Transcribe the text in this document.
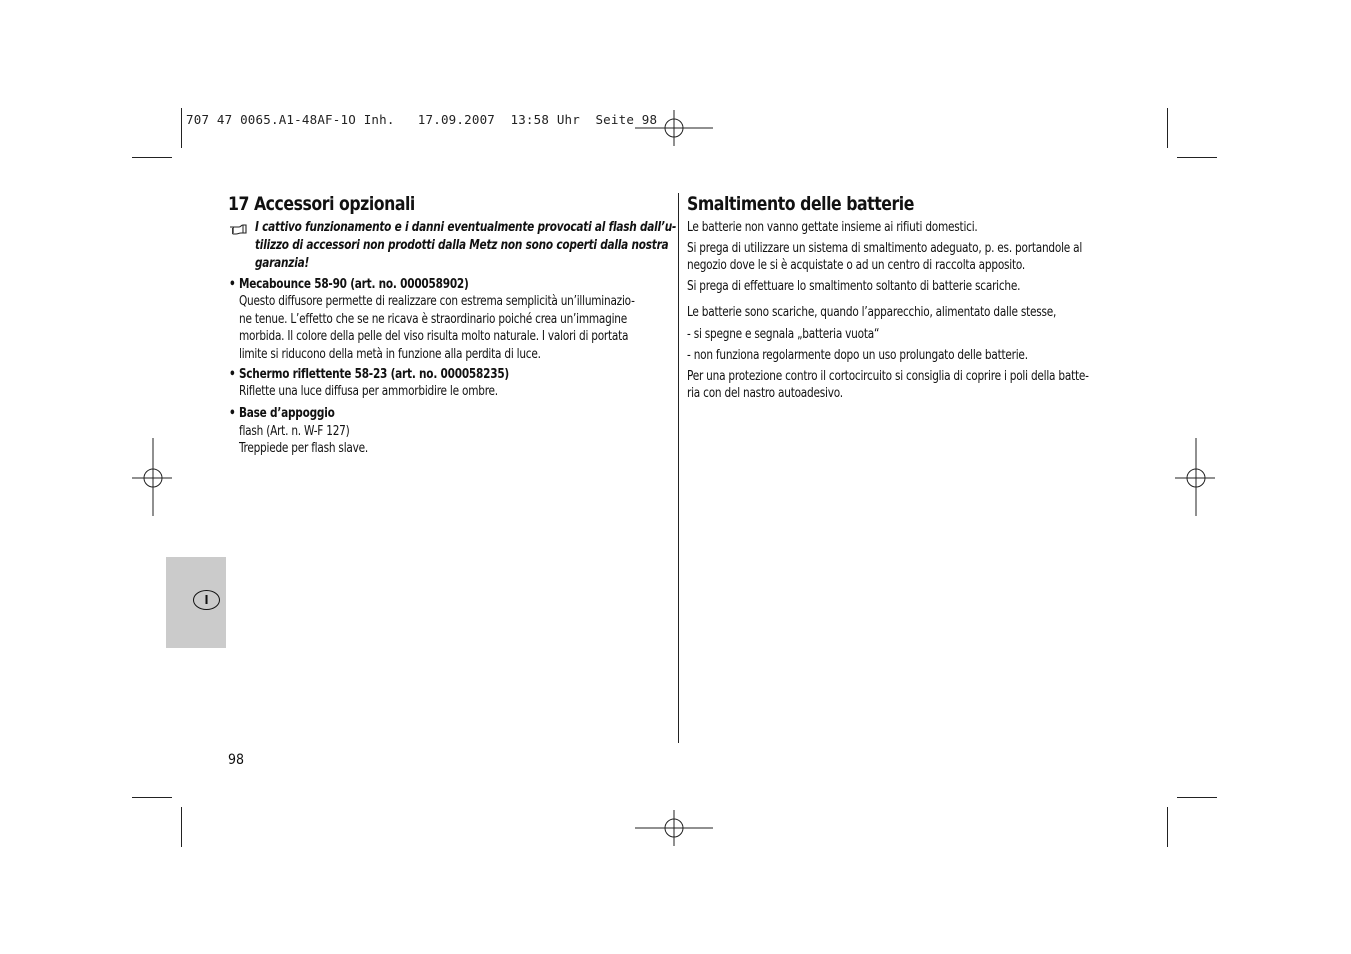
707 47 0065.A1-48AF-1O Inh.   17.09.2007  13:58 Uhr  Seite 98
17 Accessori opzionali
I cattivo funzionamento e i danni eventualmente provocati al flash dall’u-
tilizzo di accessori non prodotti dalla Metz non sono coperti dalla nostra
garanzia!
• Mecabounce 58-90 (art. no. 000058902)
Questo diffusore permette di realizzare con estrema semplicità un’illuminazio-
ne tenue. L’effetto che se ne ricava è straordinario poiché crea un’immagine
morbida. Il colore della pelle del viso risulta molto naturale. I valori di portata
limite si riducono della metà in funzione alla perdita di luce.
• Schermo riflettente 58-23 (art. no. 000058235)
Riflette una luce diffusa per ammorbidire le ombre.
• Base d’appoggio
flash (Art. n. W-F 127)
Treppiede per flash slave.
Smaltimento delle batterie
Le batterie non vanno gettate insieme ai rifiuti domestici.
Si prega di utilizzare un sistema di smaltimento adeguato, p. es. portandole al
negozio dove le si è acquistate o ad un centro di raccolta apposito.
Si prega di effettuare lo smaltimento soltanto di batterie scariche.
Le batterie sono scariche, quando l’apparecchio, alimentato dalle stesse,
- si spegne e segnala „batteria vuota“
- non funziona regolarmente dopo un uso prolungato delle batterie.
Per una protezione contro il cortocircuito si consiglia di coprire i poli della batte-
ria con del nastro autoadesivo.
I
98
